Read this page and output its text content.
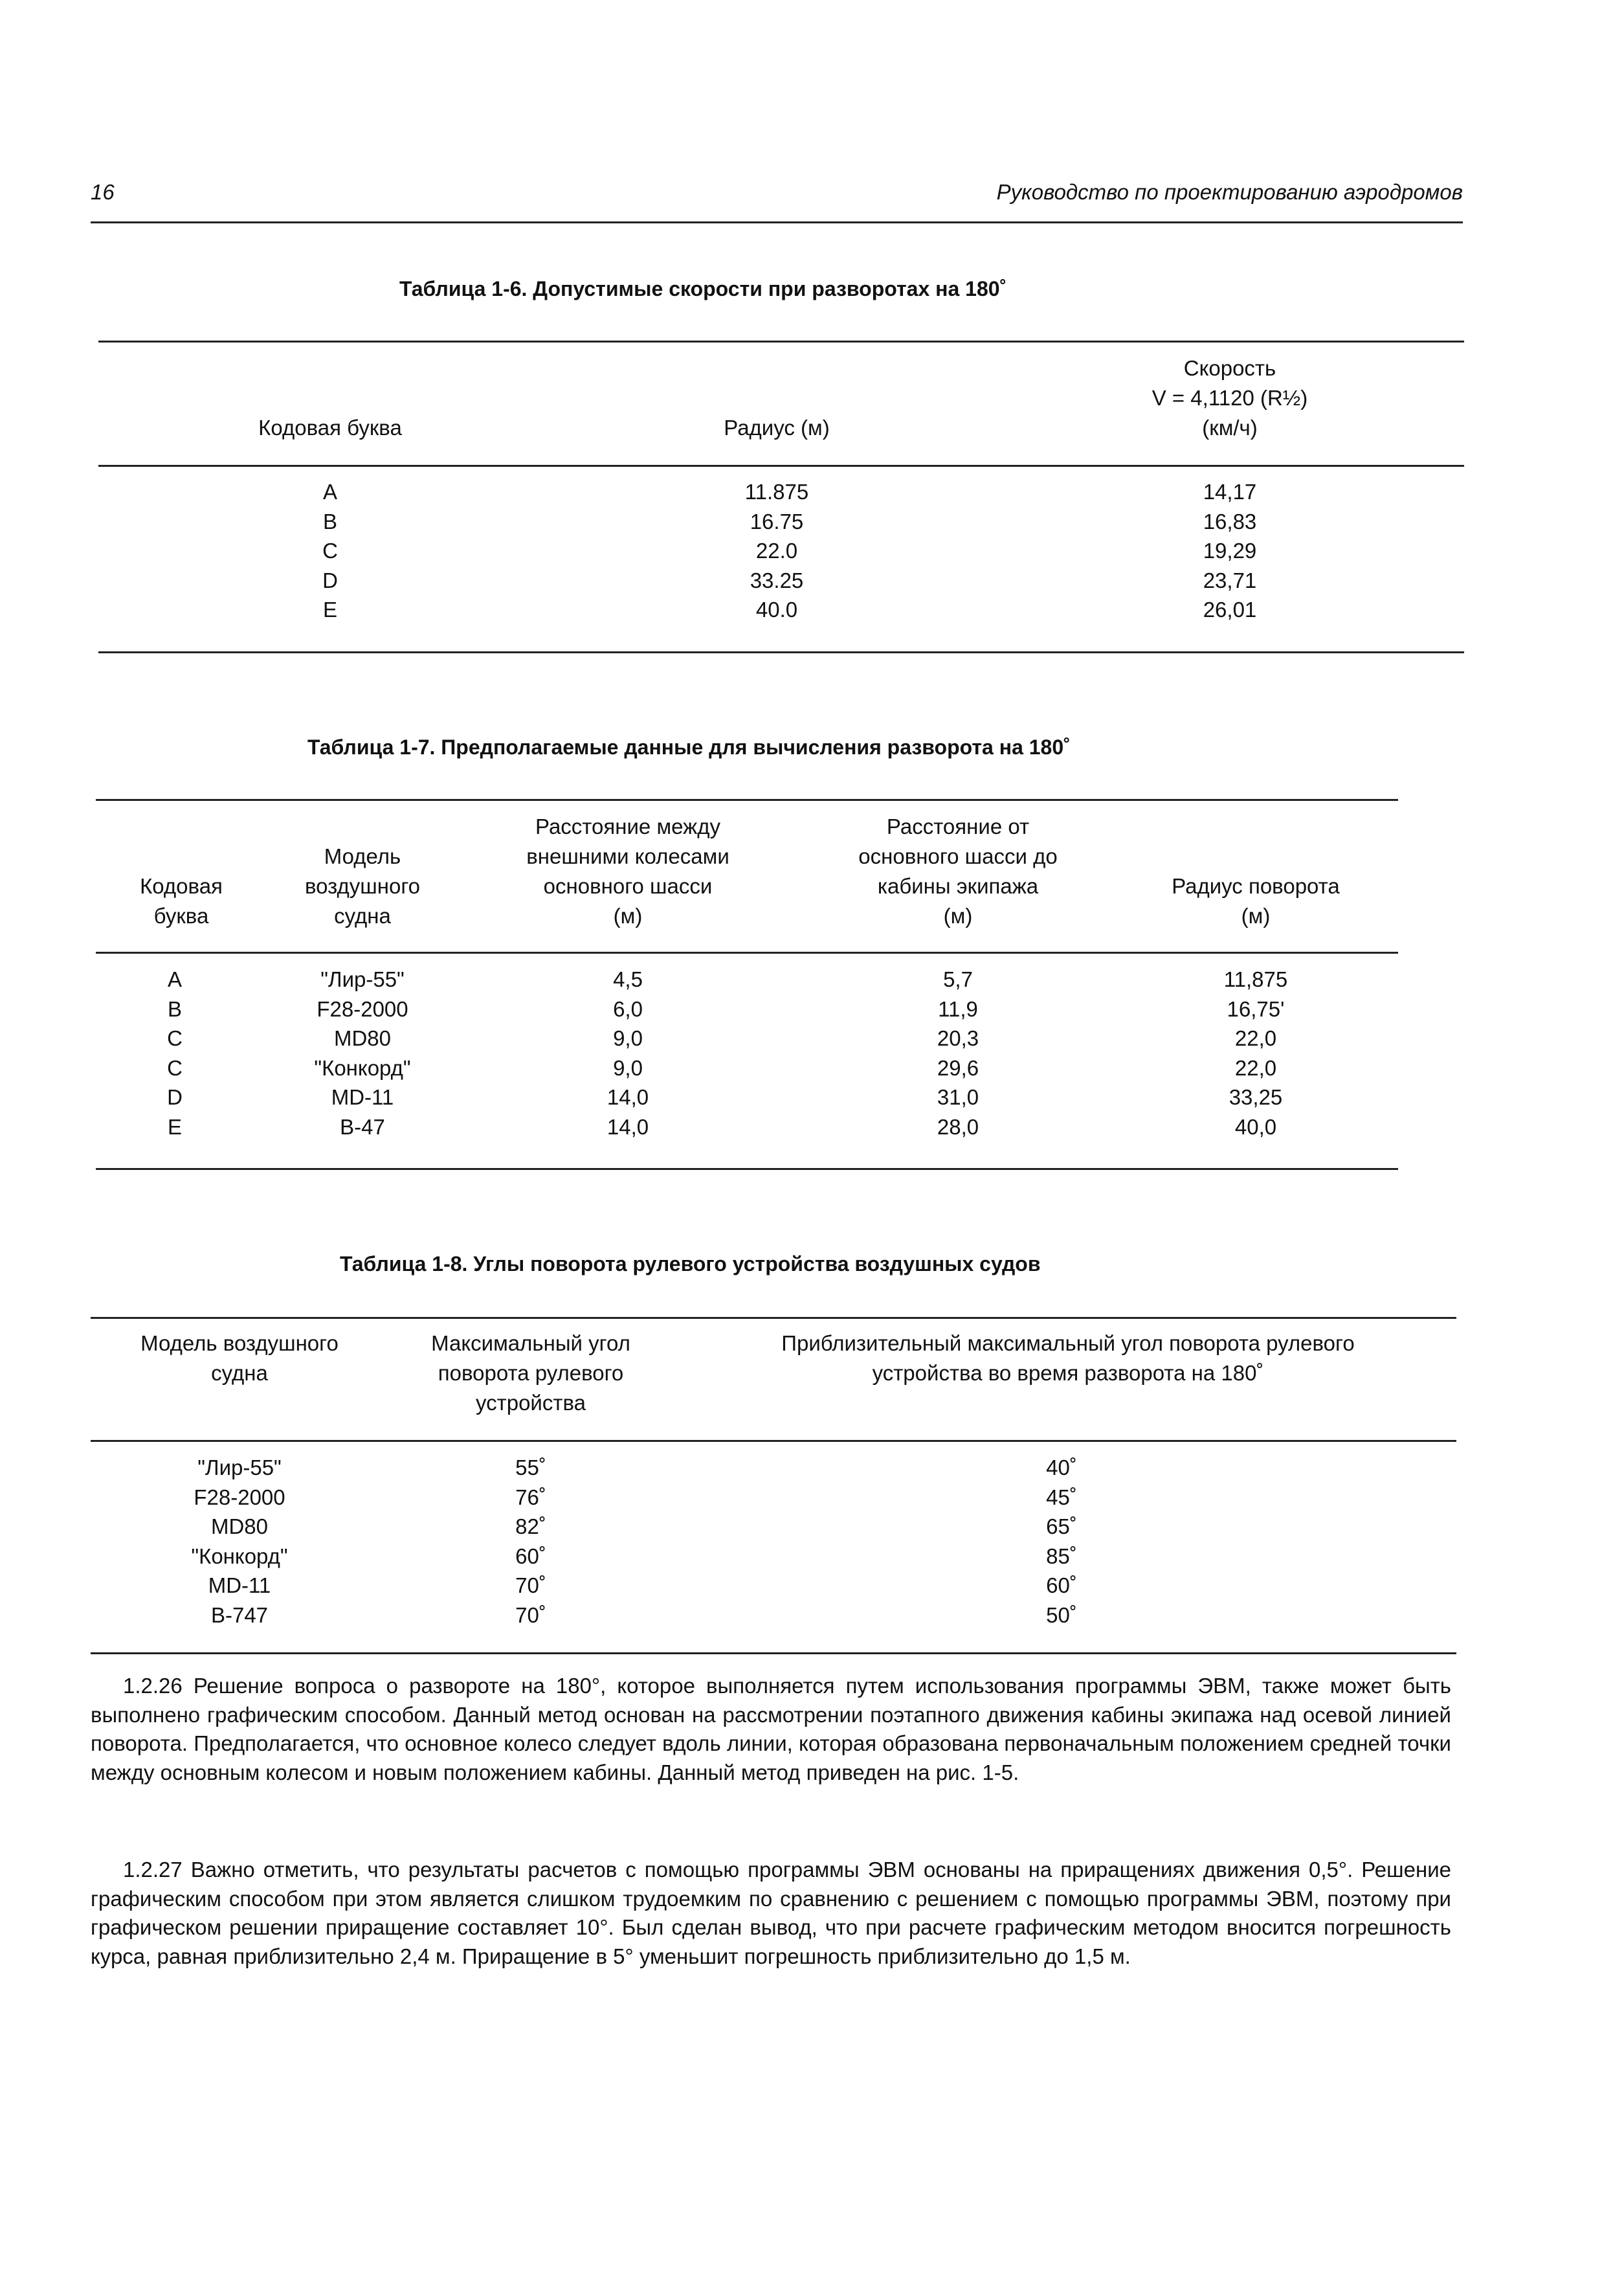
16	Руководство по проектированию аэродромов
Таблица 1-6. Допустимые скорости при разворотах на 180˚
Кодовая буква	Радиус (м)
Скорость
V = 4,1120 (R½)
(км/ч)
A
B
C
D
E
11.875
16.75
22.0
33.25
40.0
14,17
16,83
19,29
23,71
26,01
Таблица 1-7. Предполагаемые данные для вычисления разворота на 180˚
Кодовая
буква
Модель
воздушного
судна
Расстояние между
внешними колесами
основного шасси
(м)
Расстояние от
основного шасси до
кабины экипажа
(м)
Радиус поворота
(м)
A
B
C
C
D
E
"Лир-55"
F28-2000
MD80
"Конкорд"
MD-11
B-47
4,5
6,0
9,0
9,0
14,0
14,0
5,7
11,9
20,3
29,6
31,0
28,0
11,875
16,75'
22,0
22,0
33,25
40,0
Таблица 1-8. Углы поворота рулевого устройства воздушных судов
Модель воздушного
судна
Максимальный угол
поворота рулевого
устройства
Приблизительный максимальный угол поворота рулевого
устройства во время разворота на 180˚
"Лир-55"
F28-2000
MD80
"Конкорд"
MD-11
B-747
55˚
76˚
82˚
60˚
70˚
70˚
40˚
45˚
65˚
85˚
60˚
50˚

1.2.26 Решение вопроса о развороте на 180°, которое выполняется путем использования программы ЭВМ, также может быть выполнено графическим способом. Данный метод основан на рассмотрении поэтапного движения кабины экипажа над осевой линией поворота. Предполагается, что основное колесо следует вдоль линии, которая образована первоначальным положением средней точки между основным колесом и новым положением кабины. Данный метод приведен на рис. 1-5.

1.2.27 Важно отметить, что результаты расчетов с помощью программы ЭВМ основаны на приращениях движения 0,5°. Решение графическим способом при этом является слишком трудоемким по сравнению с решением с помощью программы ЭВМ, поэтому при графическом решении приращение составляет 10°. Был сделан вывод, что при расчете графическим методом вносится погрешность курса, равная приблизительно 2,4 м. Приращение в 5° уменьшит погрешность приблизительно до 1,5 м.
